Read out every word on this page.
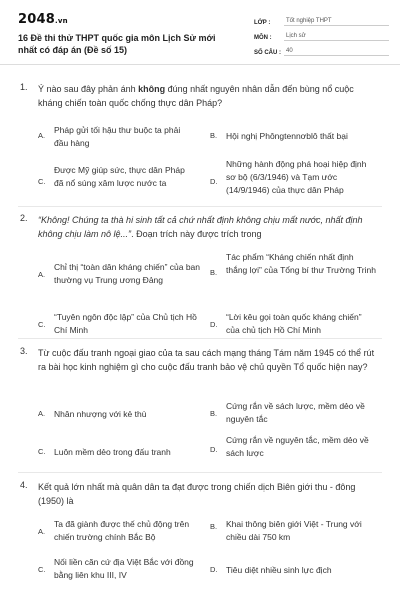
2048.vn
16 Đề thi thử THPT quốc gia môn Lịch Sử mới nhất có đáp án (Đề số 15)
LỚP :	Tốt nghiệp THPT
MÔN :	Lịch sử
SỐ CÂU : 40
1. Ý nào sau đây phản ánh không đúng nhất nguyên nhân dẫn đến bùng nổ cuộc kháng chiến toàn quốc chống thực dân Pháp?
A.
Pháp gửi tối hậu thư buộc ta phải đầu hàng
B. Hội nghị Phôngtennơblô thất bại
C.
Được Mỹ giúp sức, thực dân Pháp đã nổ súng xâm lược nước ta	D.
Những hành động phá hoại hiệp định sơ bộ (6/3/1946) và Tạm ước (14/9/1946) của thực dân Pháp
2. “Không! Chúng ta thà hi sinh tất cả chứ nhất định không chịu mất nước, nhất định không chịu làm nô lệ...”. Đoạn trích này được trích trong
A.
Chỉ thị “toàn dân kháng chiến” của ban thường vụ Trung ương Đảng
B.
Tác phẩm “Kháng chiến nhất định thắng lợi” của Tổng bí thư Trường Trinh
C.
“Tuyên ngôn độc lập” của Chủ tịch Hồ Chí Minh
D.
“Lời kêu gọi toàn quốc kháng chiến” của chủ tịch Hồ Chí Minh
3. Từ cuộc đấu tranh ngoại giao của ta sau cách mạng tháng Tám năm 1945 có thể rút ra bài học kinh nghiệm gì cho cuộc đấu tranh bảo vệ chủ quyền Tổ quốc hiện nay?
A. Nhân nhượng với kẻ thù	B.
Cứng rắn về sách lược, mềm dẻo về nguyên tắc
C. Luôn mềm dẻo trong đấu tranh	D.
Cứng rắn về nguyên tắc, mềm dẻo về sách lược
4. Kết quả lớn nhất mà quân dân ta đạt được trong chiến dịch Biên giới thu - đông (1950) là
A.
Ta đã giành được thế chủ động trên chiến trường chính Bắc Bộ
B. Khai thông biên giới Việt - Trung với chiều dài 750 km
C.
Nối liền căn cứ địa Việt Bắc với đồng bằng liên khu III, IV
D. Tiêu diệt nhiều sinh lực địch
